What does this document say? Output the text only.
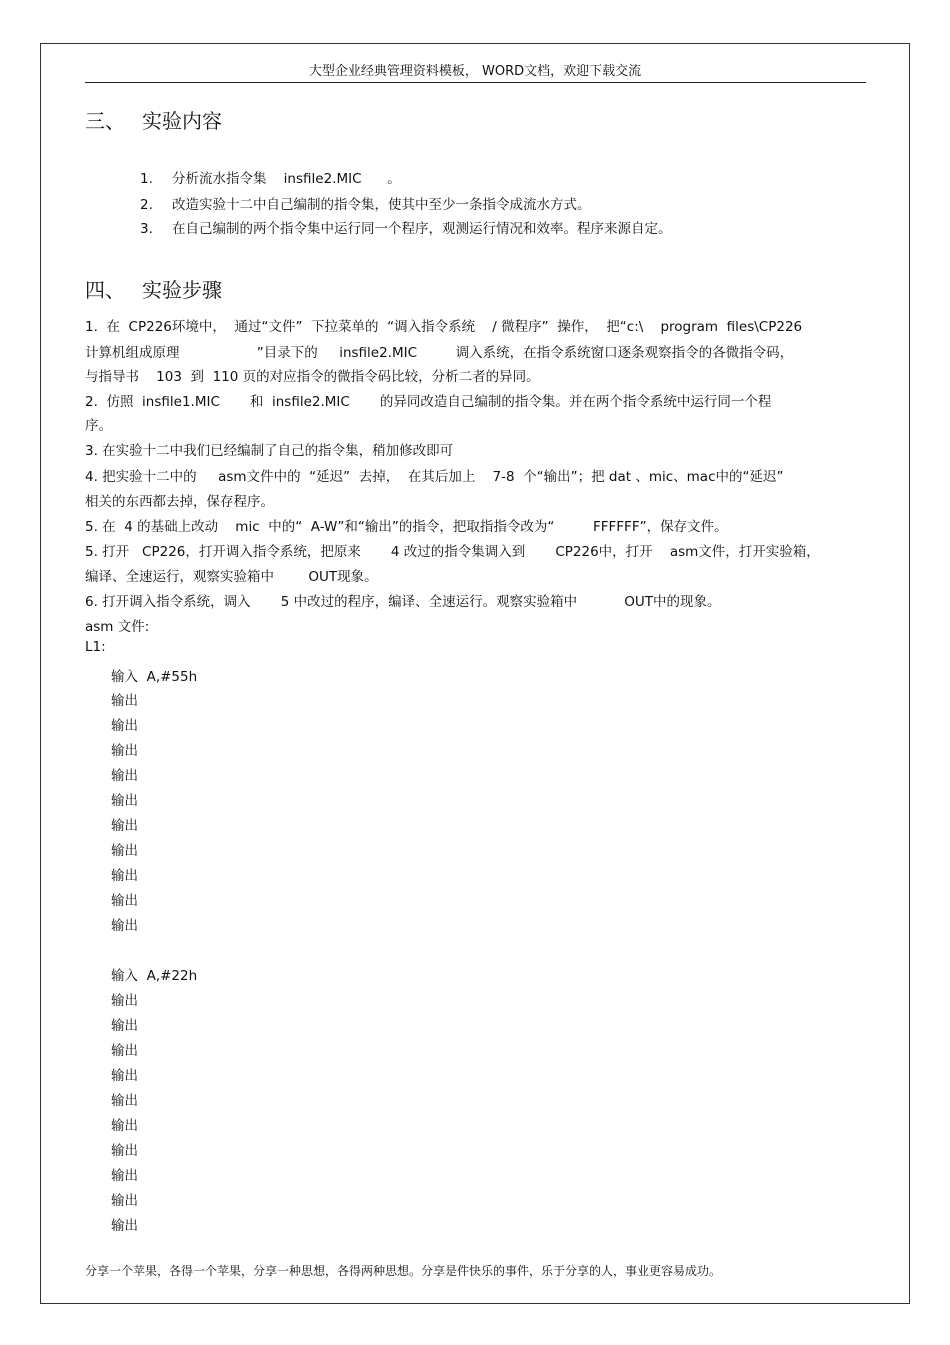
大型企业经典管理资料模板， WORD文档，欢迎下载交流
三、 实验内容
1. 分析流水指令集    insfile2.MIC      。
2. 改造实验十二中自己编制的指令集，使其中至少一条指令成流水方式。
3. 在自己编制的两个指令集中运行同一个程序，观测运行情况和效率。程序来源自定。
四、 实验步骤
1.  在  CP226环境中，  通过“文件”  下拉菜单的  “调入指令系统    / 微程序”  操作，  把“c:\    program  files\CP226
计算机组成原理                  ”目录下的     insfile2.MIC         调入系统，在指令系统窗口逐条观察指令的各微指令码，
与指导书    103  到  110 页的对应指令的微指令码比较，分析二者的异同。
2.  仿照  insfile1.MIC       和  insfile2.MIC       的异同改造自己编制的指令集。并在两个指令系统中运行同一个程
序。
3. 在实验十二中我们已经编制了自己的指令集，稍加修改即可
4. 把实验十二中的     asm文件中的  “延迟”  去掉，  在其后加上    7-8  个“输出”；把 dat 、mic、mac中的“延迟”
相关的东西都去掉，保存程序。
5. 在  4 的基础上改动    mic  中的“  A-W”和“输出”的指令，把取指指令改为“         FFFFFF”，保存文件。
5. 打开   CP226，打开调入指令系统，把原来       4 改过的指令集调入到       CP226中，打开    asm文件，打开实验箱，
编译、全速运行，观察实验箱中        OUT现象。
6. 打开调入指令系统，调入       5 中改过的程序，编译、全速运行。观察实验箱中           OUT中的现象。
asm 文件:
L1:
输入  A,#55h
输出
输出
输出
输出
输出
输出
输出
输出
输出
输出
输入  A,#22h
输出
输出
输出
输出
输出
输出
输出
输出
输出
输出
分享一个苹果，各得一个苹果，分享一种思想，各得两种思想。分享是件快乐的事件，乐于分享的人，事业更容易成功。
